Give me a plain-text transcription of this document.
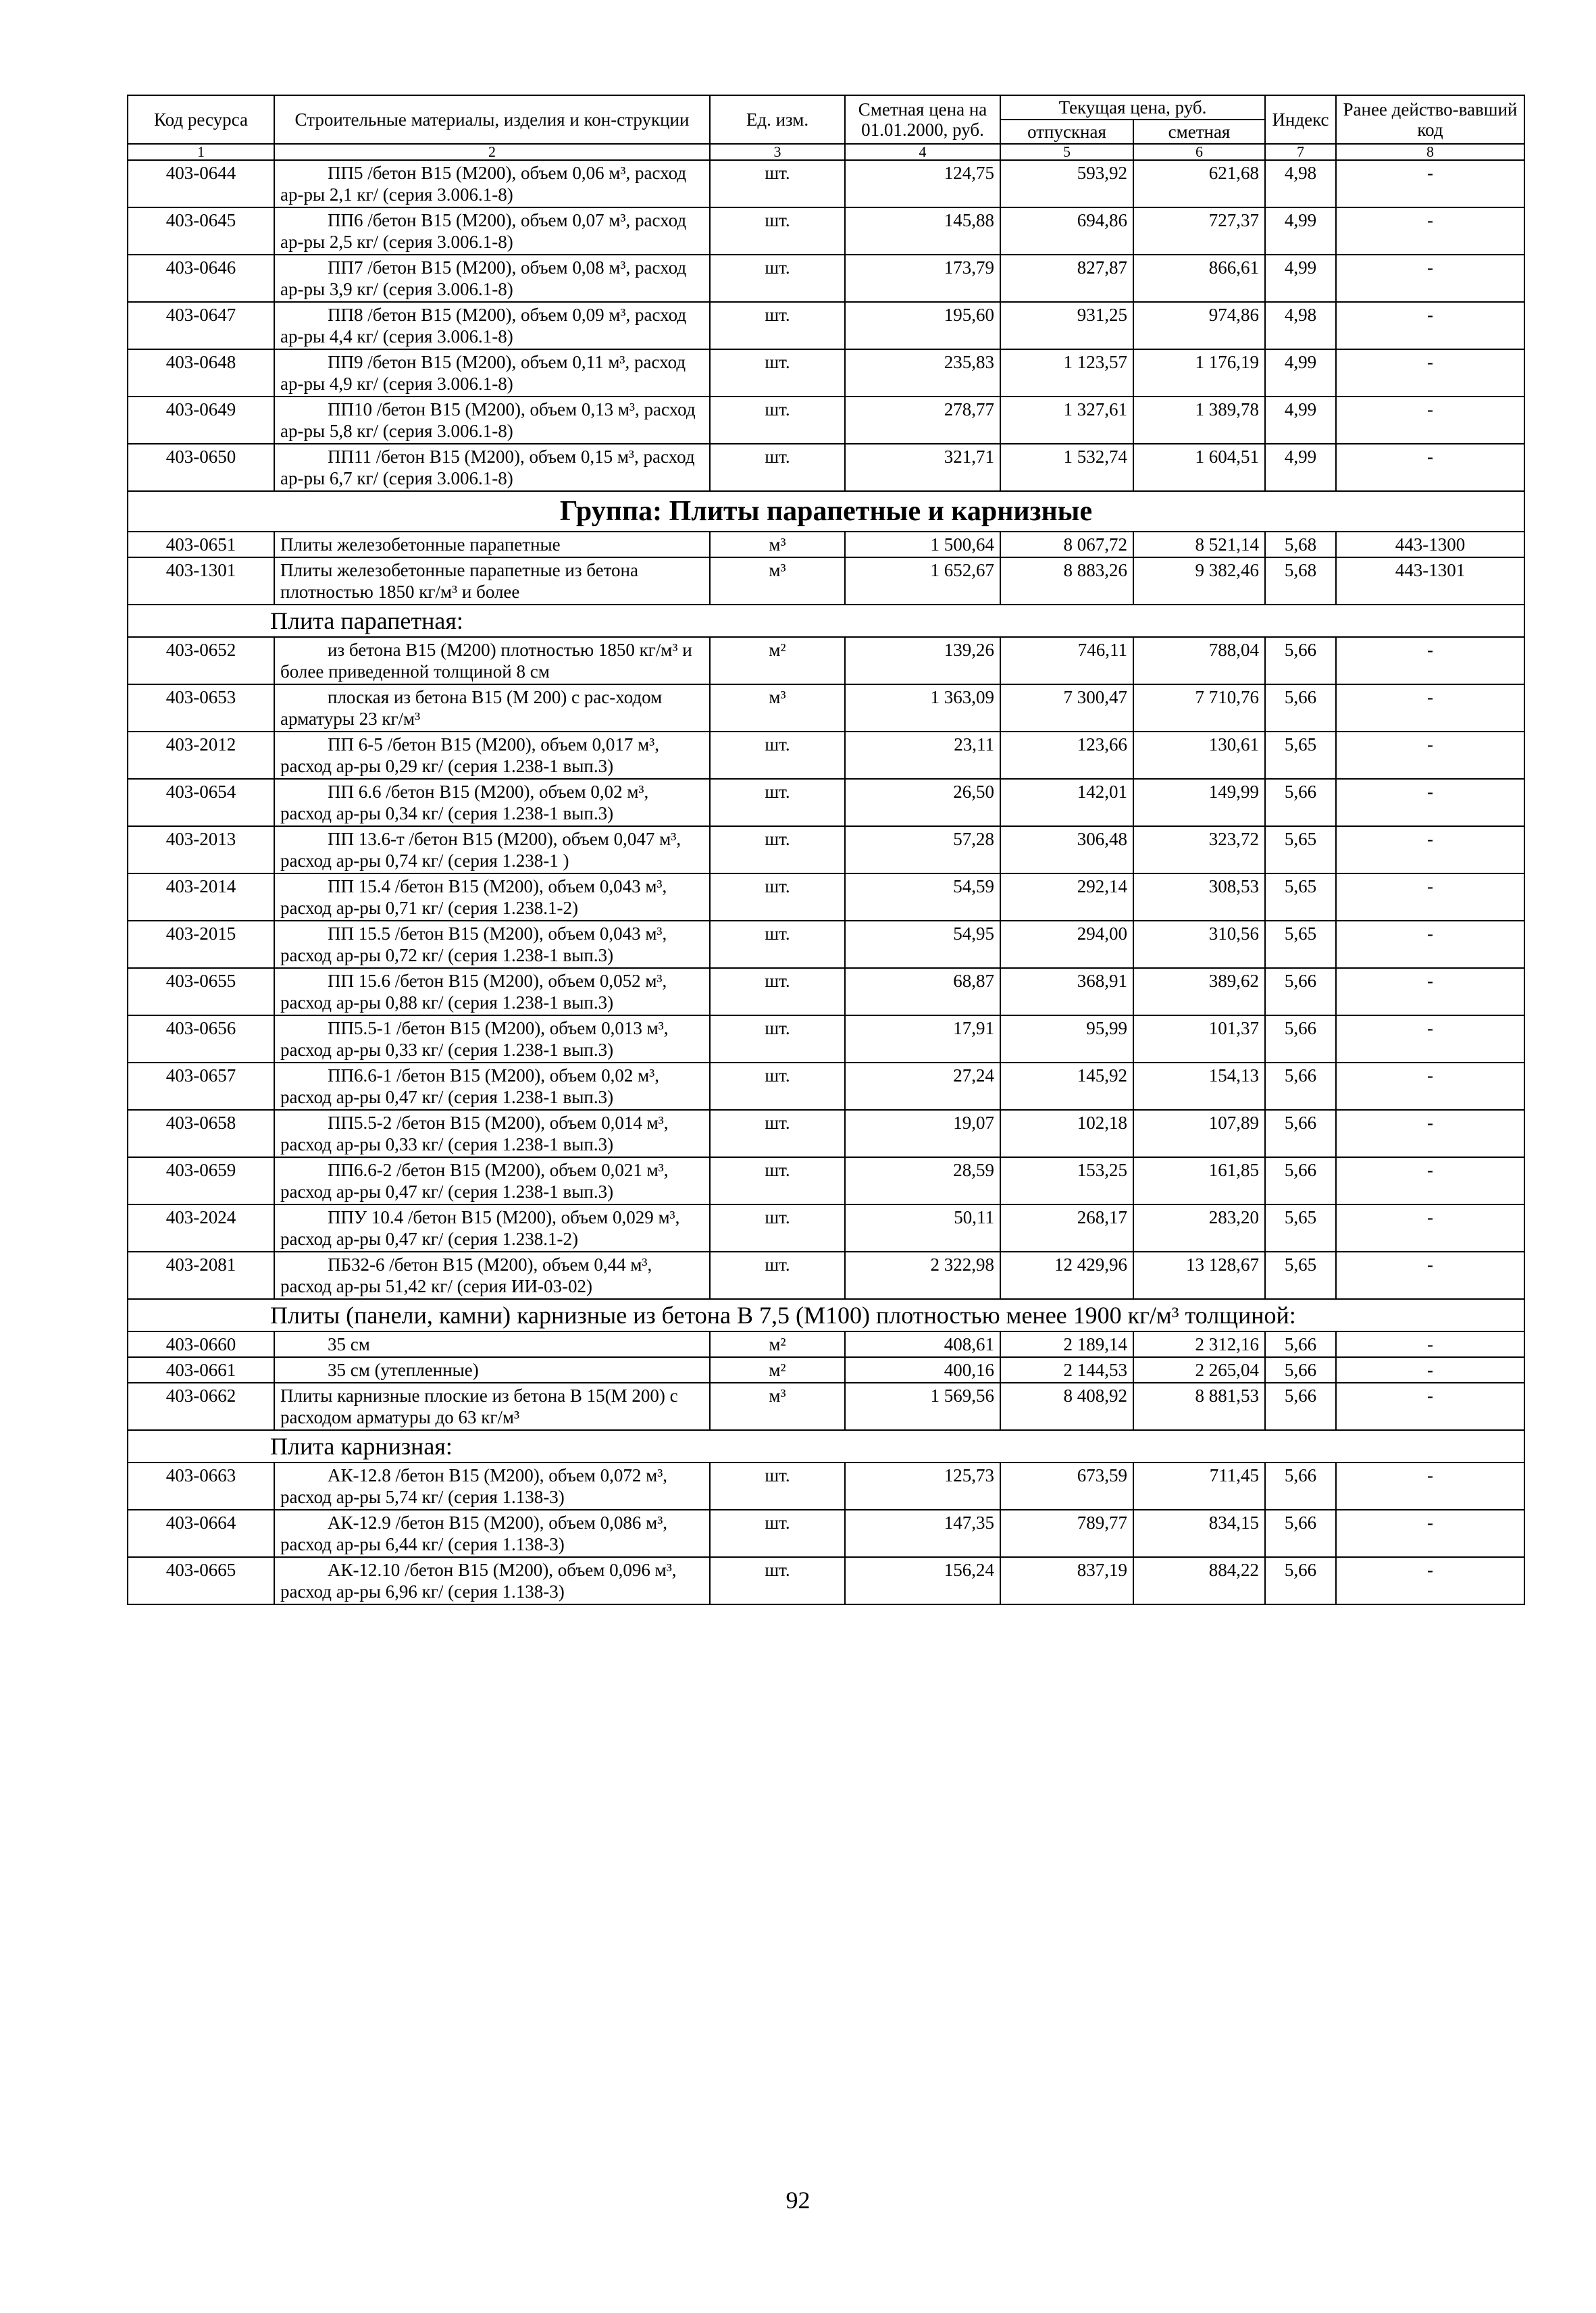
Код ресурса	Строительные материалы, изделия и кон-струкции	Ед. изм.	Сметная цена на 01.01.2000, руб.	Текущая цена, руб.		Индекс	Ранее действо-вавший код
				отпускная	сметная		
1	2	3	4	5	6	7	8
403-0644	ПП5 /бетон В15 (М200), объем 0,06 м³, расход ар-ры 2,1 кг/ (серия 3.006.1-8)	шт.	124,75	593,92	621,68	4,98	-
403-0645	ПП6 /бетон В15 (М200), объем 0,07 м³, расход ар-ры 2,5 кг/ (серия 3.006.1-8)	шт.	145,88	694,86	727,37	4,99	-
403-0646	ПП7 /бетон В15 (М200), объем 0,08 м³, расход ар-ры 3,9 кг/ (серия 3.006.1-8)	шт.	173,79	827,87	866,61	4,99	-
403-0647	ПП8 /бетон В15 (М200), объем 0,09 м³, расход ар-ры 4,4 кг/ (серия 3.006.1-8)	шт.	195,60	931,25	974,86	4,98	-
403-0648	ПП9 /бетон В15 (М200), объем 0,11 м³, расход ар-ры 4,9 кг/ (серия 3.006.1-8)	шт.	235,83	1 123,57	1 176,19	4,99	-
403-0649	ПП10 /бетон В15 (М200), объем 0,13 м³, расход ар-ры 5,8 кг/ (серия 3.006.1-8)	шт.	278,77	1 327,61	1 389,78	4,99	-
403-0650	ПП11 /бетон В15 (М200), объем 0,15 м³, расход ар-ры 6,7 кг/ (серия 3.006.1-8)	шт.	321,71	1 532,74	1 604,51	4,99	-
Группа: Плиты парапетные и карнизные							
403-0651	Плиты железобетонные парапетные	м³	1 500,64	8 067,72	8 521,14	5,68	443-1300
403-1301	Плиты железобетонные парапетные из бетона плотностью 1850 кг/м³ и более	м³	1 652,67	8 883,26	9 382,46	5,68	443-1301
Плита парапетная:							
403-0652	из бетона В15 (М200) плотностью 1850 кг/м³ и более приведенной толщиной 8 см	м²	139,26	746,11	788,04	5,66	-
403-0653	плоская из бетона В15 (М 200) с рас-ходом арматуры 23 кг/м³	м³	1 363,09	7 300,47	7 710,76	5,66	-
403-2012	ПП 6-5 /бетон В15 (М200), объем 0,017 м³, расход ар-ры 0,29 кг/ (серия 1.238-1 вып.3)	шт.	23,11	123,66	130,61	5,65	-
403-0654	ПП 6.6 /бетон В15 (М200), объем 0,02 м³, расход ар-ры 0,34 кг/ (серия 1.238-1 вып.3)	шт.	26,50	142,01	149,99	5,66	-
403-2013	ПП 13.6-т /бетон В15 (М200), объем 0,047 м³, расход ар-ры 0,74 кг/ (серия 1.238-1 )	шт.	57,28	306,48	323,72	5,65	-
403-2014	ПП 15.4 /бетон В15 (М200), объем 0,043 м³, расход ар-ры 0,71 кг/ (серия 1.238.1-2)	шт.	54,59	292,14	308,53	5,65	-
403-2015	ПП 15.5 /бетон В15 (М200), объем 0,043 м³, расход ар-ры 0,72 кг/ (серия 1.238-1 вып.3)	шт.	54,95	294,00	310,56	5,65	-
403-0655	ПП 15.6 /бетон В15 (М200), объем 0,052 м³, расход ар-ры 0,88 кг/ (серия 1.238-1 вып.3)	шт.	68,87	368,91	389,62	5,66	-
403-0656	ПП5.5-1 /бетон В15 (М200), объем 0,013 м³, расход ар-ры 0,33 кг/ (серия 1.238-1 вып.3)	шт.	17,91	95,99	101,37	5,66	-
403-0657	ПП6.6-1 /бетон В15 (М200), объем 0,02 м³, расход ар-ры 0,47 кг/ (серия 1.238-1 вып.3)	шт.	27,24	145,92	154,13	5,66	-
403-0658	ПП5.5-2 /бетон В15 (М200), объем 0,014 м³, расход ар-ры 0,33 кг/ (серия 1.238-1 вып.3)	шт.	19,07	102,18	107,89	5,66	-
403-0659	ПП6.6-2 /бетон В15 (М200), объем 0,021 м³, расход ар-ры 0,47 кг/ (серия 1.238-1 вып.3)	шт.	28,59	153,25	161,85	5,66	-
403-2024	ППУ 10.4 /бетон В15 (М200), объем 0,029 м³, расход ар-ры 0,47 кг/ (серия 1.238.1-2)	шт.	50,11	268,17	283,20	5,65	-
403-2081	ПБ32-6 /бетон В15 (М200), объем 0,44 м³, расход ар-ры 51,42 кг/ (серия ИИ-03-02)	шт.	2 322,98	12 429,96	13 128,67	5,65	-
Плиты (панели, камни) карнизные из бетона В 7,5 (М100) плотностью менее 1900 кг/м³ толщиной:							
403-0660	35 см	м²	408,61	2 189,14	2 312,16	5,66	-
403-0661	35 см (утепленные)	м²	400,16	2 144,53	2 265,04	5,66	-
403-0662	Плиты карнизные плоские из бетона В 15(М 200) с расходом арматуры до 63 кг/м³	м³	1 569,56	8 408,92	8 881,53	5,66	-
Плита карнизная:							
403-0663	АК-12.8 /бетон В15 (М200), объем 0,072 м³, расход ар-ры 5,74 кг/ (серия 1.138-3)	шт.	125,73	673,59	711,45	5,66	-
403-0664	АК-12.9 /бетон В15 (М200), объем 0,086 м³, расход ар-ры 6,44 кг/ (серия 1.138-3)	шт.	147,35	789,77	834,15	5,66	-
403-0665	АК-12.10 /бетон В15 (М200), объем 0,096 м³, расход ар-ры 6,96 кг/ (серия 1.138-3)	шт.	156,24	837,19	884,22	5,66	-
92
